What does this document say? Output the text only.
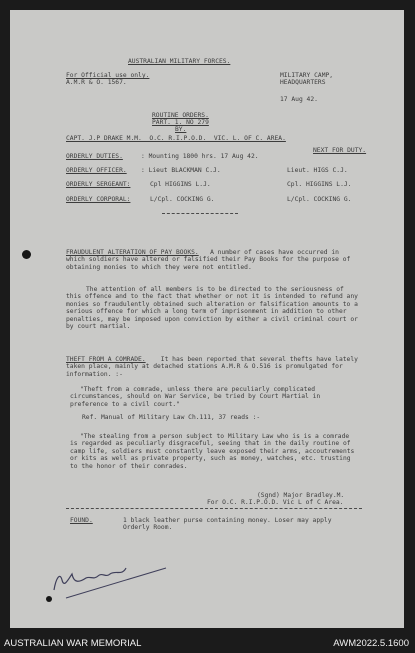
AUSTRALIAN MILITARY FORCES.
For Official use only.
A.M.R & O. 1567.
MILITARY CAMP,
HEADQUARTERS
17 Aug 42.
ROUTINE ORDERS.
PART. 1. NO 279
BY.
CAPT. J.P DRAKE M.M.  O.C. R.I.P.O.D.  VIC. L. OF C. AREA.
NEXT FOR DUTY.
ORDERLY DUTIES.	: Mounting 1800 hrs. 17 Aug 42.
ORDERLY OFFICER. : Lieut BLACKMAN C.J.	Lieut. HIGS C.J.
ORDERLY SERGEANT:	Cpl HIGGINS L.J.	Cpl. HIGGINS L.J.
ORDERLY CORPORAL:	L/Cpl. COCKING G.	L/Cpl. COCKING G.
FRAUDULENT ALTERATION OF PAY BOOKS. A number of cases have occurred in which soldiers have altered or falsified their Pay Books for the purpose of obtaining monies to which they were not entitled.
The attention of all members is to be directed to the seriousness of this offence and to the fact that whether or not it is intended to refund any monies so fraudulently obtained such alteration or falsification amounts to a serious offence for which a long term of imprisonment in addition to other penalties, may be imposed upon conviction by either a civil criminal court or by court martial.
THEFT FROM A COMRADE. It has been reported that several thefts have lately taken place, mainly at detached stations A.M.R & O.516 is promulgated for information. :-
"Theft from a comrade, unless there are peculiarly complicated circumstances, should on War Service, be tried by Court Martial in preference to a civil court."
Ref. Manual of Military Law Ch.111, 37 reads :-
"The stealing from a person subject to Military Law who is is a comrade is regarded as peculiarly disgraceful, seeing that in the daily routine of camp life, soldiers must constantly leave exposed their arms, accoutrements or kits as well as private property, such as money, watches, etc. trusting to the honor of their comrades.
(Sgnd) Major Bradley.M.
For O.C. R.I.P.O.D. Vic L of C Area.
FOUND.	1 black leather purse containing money. Loser may apply Orderly Room.
AUSTRALIAN WAR MEMORIAL	AWM2022.5.1600
